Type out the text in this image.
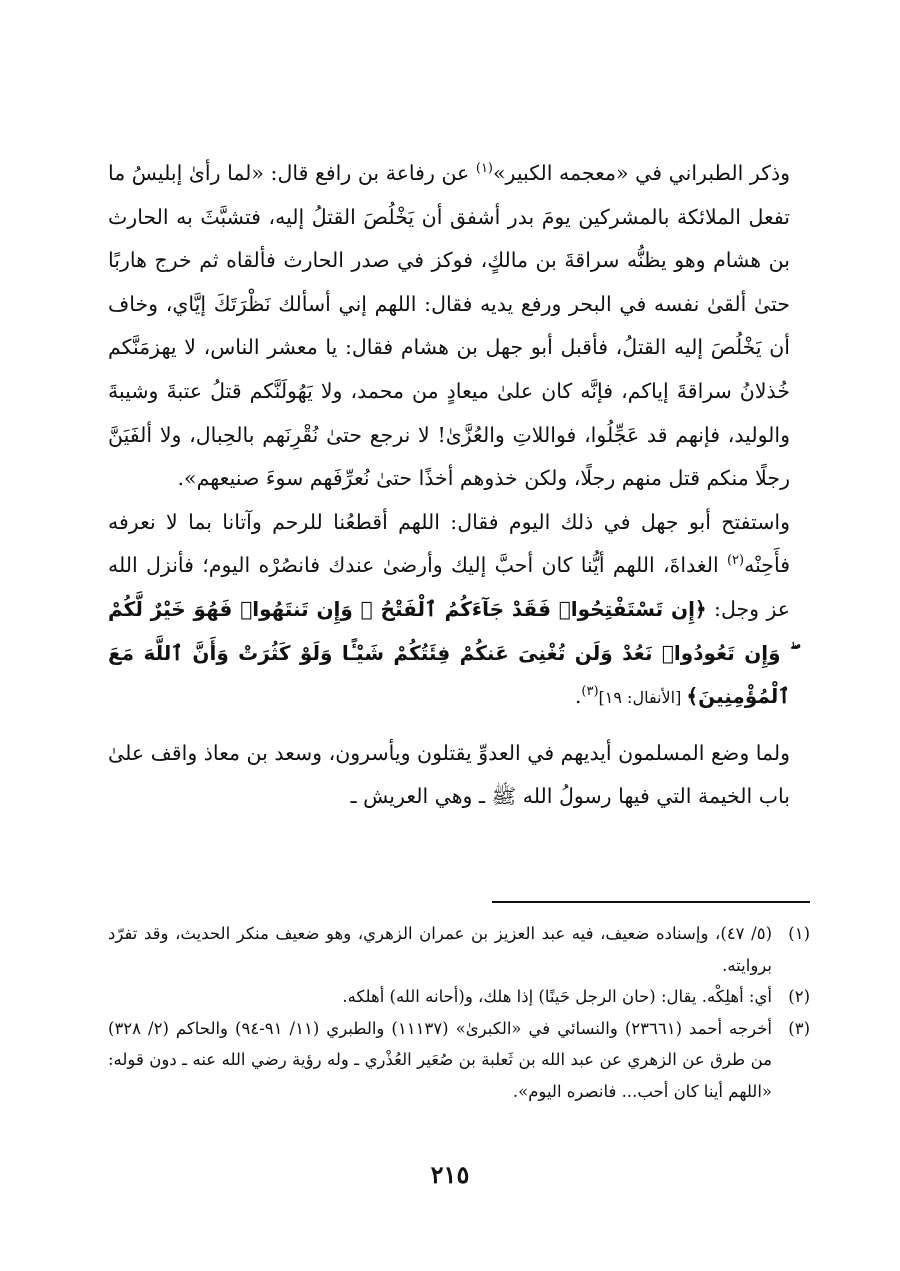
وذكر الطبراني في «معجمه الكبير»$^{(١)}$ عن رفاعة بن رافع قال: «لما رأىٰ إبليسُ ما تفعل الملائكة بالمشركين يومَ بدر أشفق أن يَخْلُصَ القتلُ إليه، فتشبَّثَ به الحارث بن هشام وهو يظنُّه سراقةَ بن مالكٍ، فوكز في صدر الحارث فألقاه ثم خرج هاربًا حتىٰ ألقىٰ نفسه في البحر ورفع يديه فقال: اللهم إني أسألك نَظْرَتَكَ إيَّاي، وخاف أن يَخْلُصَ إليه القتلُ، فأقبل أبو جهل بن هشام فقال: يا معشر الناس، لا يهزمَنَّكم خُذلانُ سراقةَ إياكم، فإنَّه كان علىٰ ميعادٍ من محمد، ولا يَهُولَنَّكم قتلُ عتبةَ وشيبةَ والوليد، فإنهم قد عَجِّلُوا، فواللاتِ والعُزَّىٰ! لا نرجع حتىٰ نُقْرِنَهم بالحِبال، ولا ألفَيَنَّ رجلًا منكم قتل منهم رجلًا، ولكن خذوهم أخذًا حتىٰ نُعرِّفَهم سوءَ صنيعهم».

واستفتح أبو جهل في ذلك اليوم فقال: اللهم أقطعُنا للرحم وآتانا بما لا نعرفه فأَحِنْه$^{(٢)}$ الغداةَ، اللهم أيُّنا كان أحبَّ إليك وأرضىٰ عندك فانصُرْه اليوم؛ فأنزل الله عز وجل: ﴿إِن تَسْتَفْتِحُوا۟ فَقَدْ جَآءَكُمُ ٱلْفَتْحُ ۖ وَإِن تَنتَهُوا۟ فَهُوَ خَيْرٌ لَّكُمْ ۖ وَإِن تَعُودُوا۟ نَعُدْ وَلَن تُغْنِىَ عَنكُمْ فِئَتُكُمْ شَيْـًٔا وَلَوْ كَثُرَتْ وَأَنَّ ٱللَّهَ مَعَ ٱلْمُؤْمِنِينَ﴾ [الأنفال: ١٩]$^{(٣)}$.

ولما وضع المسلمون أيديهم في العدوِّ يقتلون ويأسرون، وسعد بن معاذ واقف علىٰ باب الخيمة التي فيها رسولُ الله ﷺ ـ وهي العريش ـ

(١)
(٥/ ٤٧)، وإسناده ضعيف، فيه عبد العزيز بن عمران الزهري، وهو ضعيف منكر الحديث، وقد تفرّد بروايته.
(٢)
أي: أهلِكْه. يقال: (حان الرجل حَينًا) إذا هلك، و(أحانه الله) أهلكه.
(٣)
أخرجه أحمد (٢٣٦٦١) والنسائي في «الكبرىٰ» (١١١٣٧) والطبري (١١/ ٩١-٩٤) والحاكم (٢/ ٣٢٨) من طرق عن الزهري عن عبد الله بن ثَعلبة بن صُعَير العُذْري ـ وله رؤية رضي الله عنه ـ دون قوله: «اللهم أينا كان أحب... فانصره اليوم».
٢١٥
